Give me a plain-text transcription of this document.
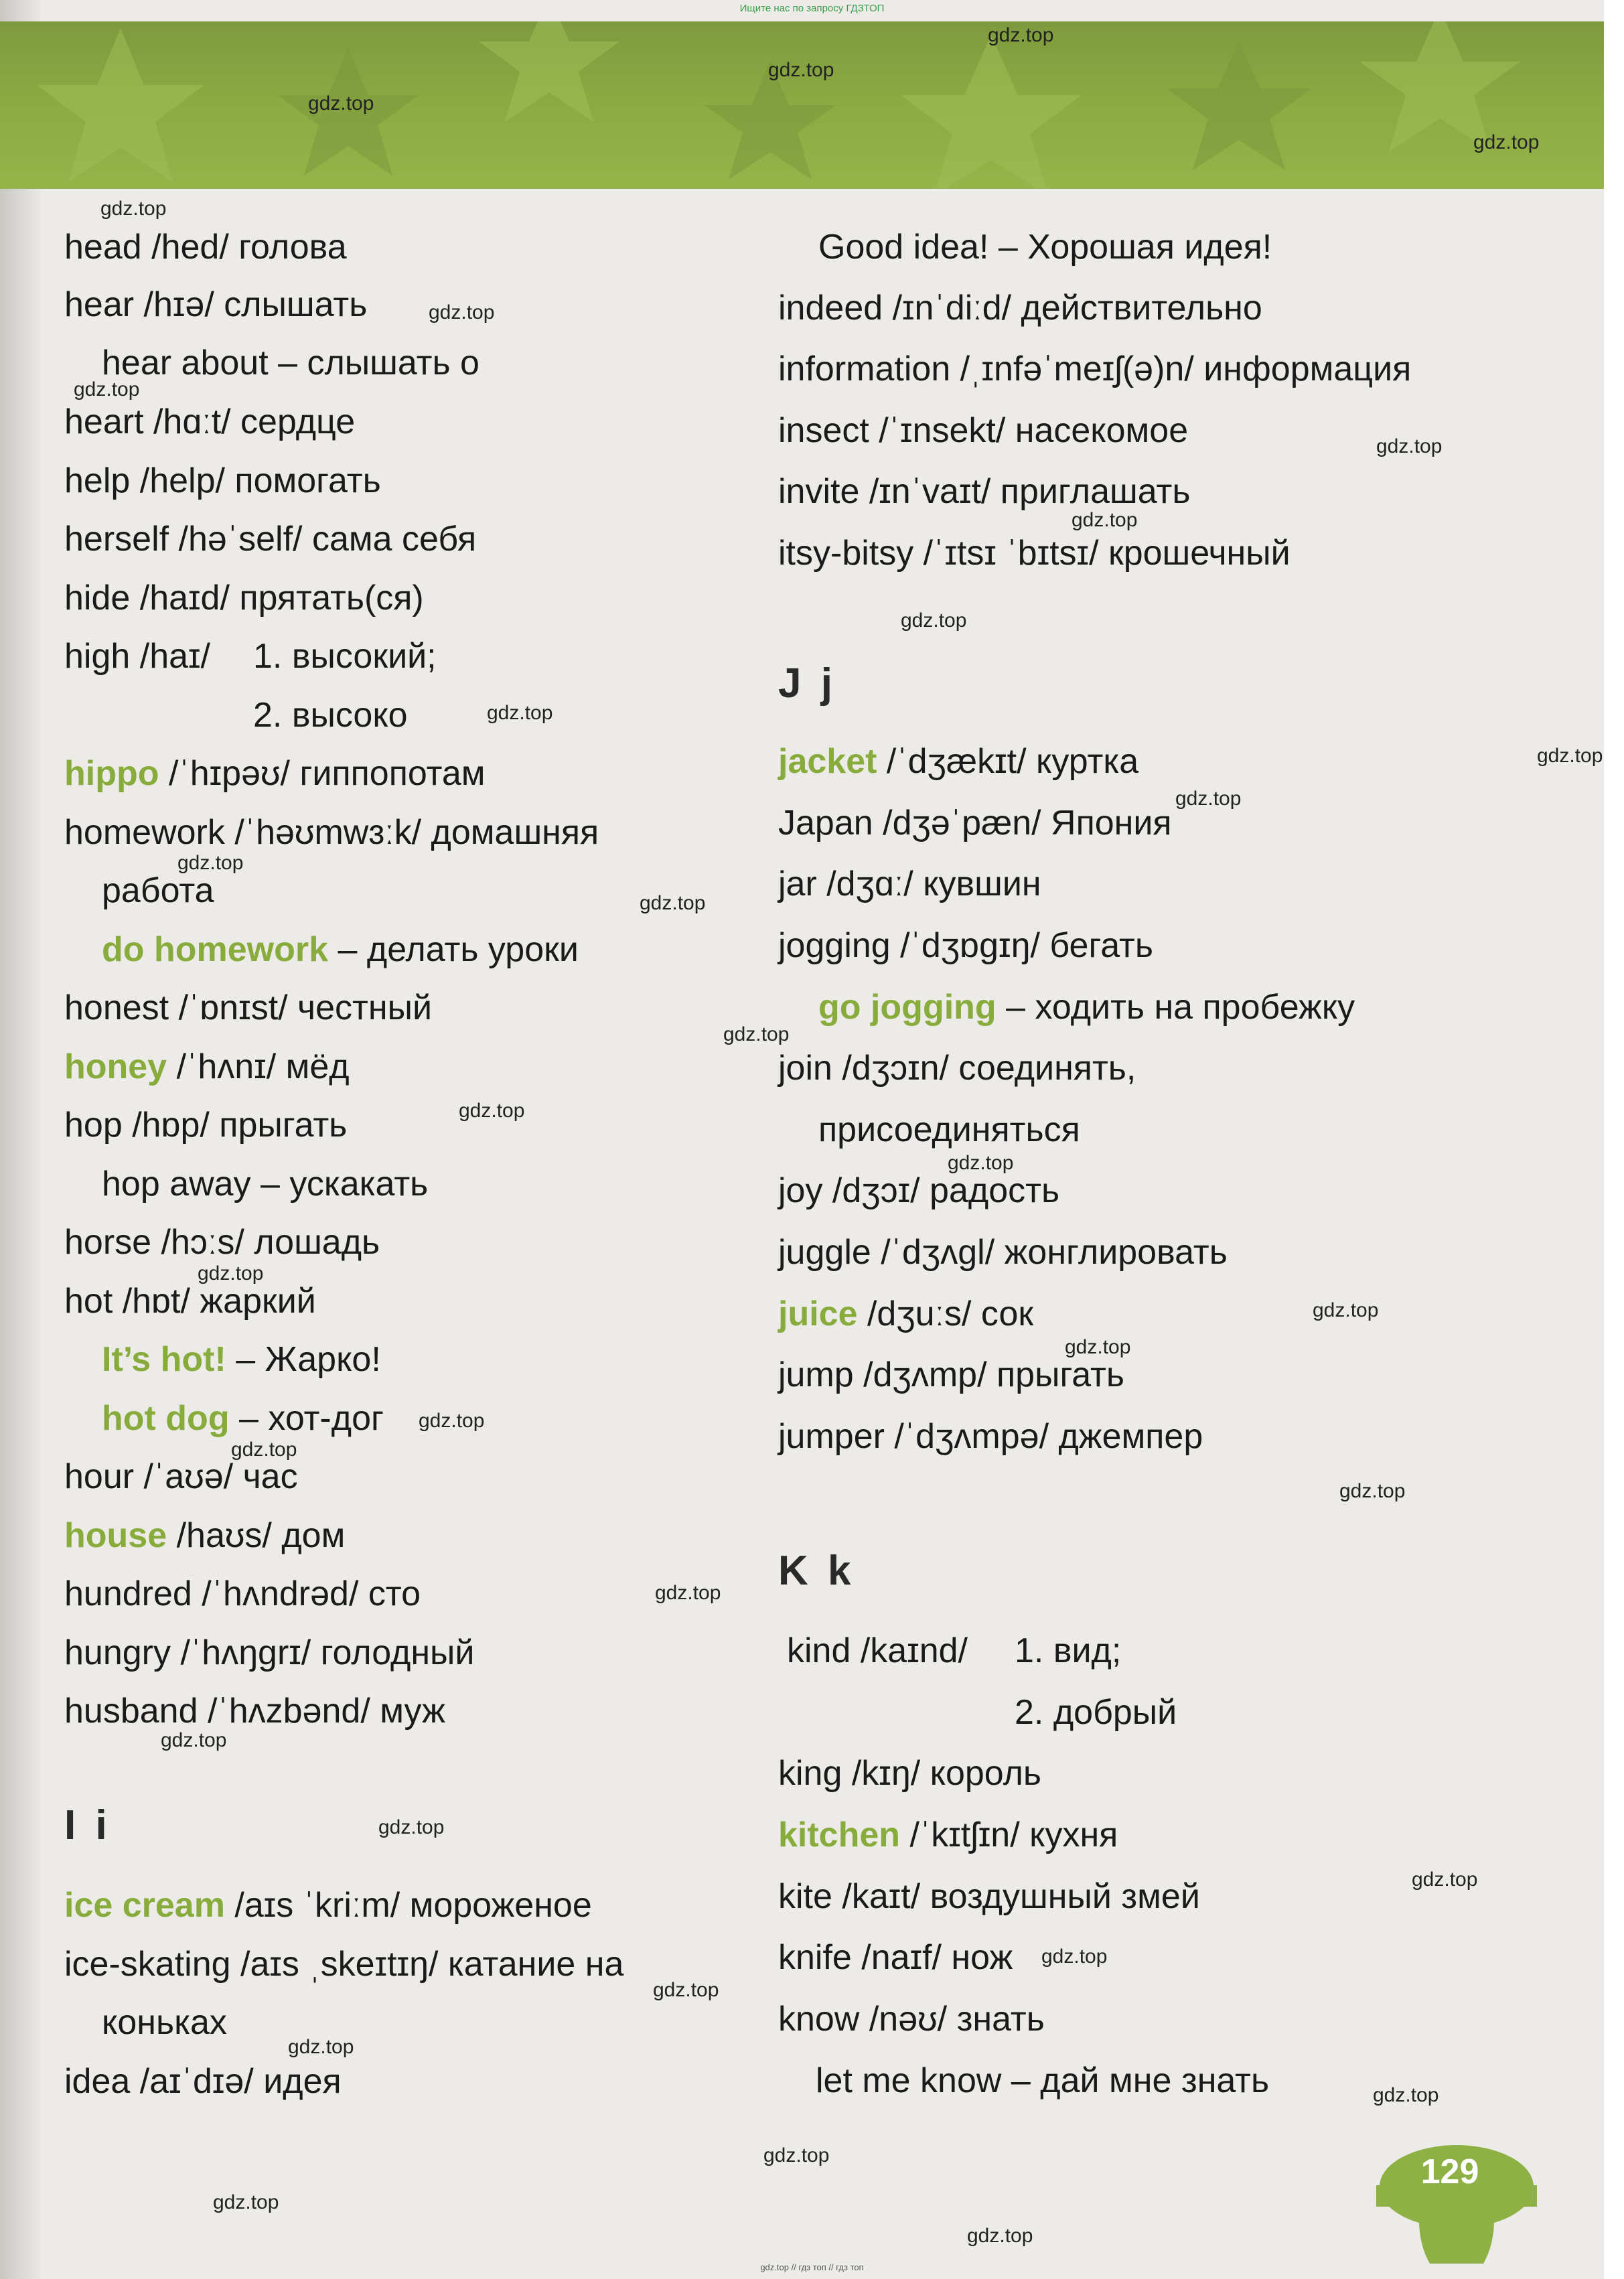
Ищите нас по запросу ГДЗТОП
head /hed/ голова
hear /hɪə/ слышать
hear about – слышать о
heart /hɑːt/ сердце
help /help/ помогать
herself /həˈself/ сама себя
hide /haɪd/ прятать(ся)
high /haɪ/ 1. высокий;
2. высоко
hippo /ˈhɪpəʊ/ гиппопотам
homework /ˈhəʊmwɜːk/ домашняя
работа
do homework – делать уроки
honest /ˈɒnɪst/ честный
honey /ˈhʌnɪ/ мёд
hop /hɒp/ прыгать
hop away – ускакать
horse /hɔːs/ лошадь
hot /hɒt/ жаркий
It’s hot! – Жарко!
hot dog – хот-дог
hour /ˈaʊə/ час
house /haʊs/ дом
hundred /ˈhʌndrəd/ сто
hungry /ˈhʌŋgrɪ/ голодный
husband /ˈhʌzbənd/ муж
I i
ice cream /aɪs ˈkriːm/ мороженое
ice-skating /aɪs ˌskeɪtɪŋ/ катание на
коньках
idea /aɪˈdɪə/ идея
Good idea! – Хорошая идея!
indeed /ɪnˈdiːd/ действительно
information /ˌɪnfəˈmeɪʃ(ə)n/ информация
insect /ˈɪnsekt/ насекомое
invite /ɪnˈvaɪt/ приглашать
itsy-bitsy /ˈɪtsɪ ˈbɪtsɪ/ крошечный
J j
jacket /ˈdʒækɪt/ куртка
Japan /dʒəˈpæn/ Япония
jar /dʒɑː/ кувшин
jogging /ˈdʒɒgɪŋ/ бегать
go jogging – ходить на пробежку
join /dʒɔɪn/ соединять,
присоединяться
joy /dʒɔɪ/ радость
juggle /ˈdʒʌgl/ жонглировать
juice /dʒuːs/ сок
jump /dʒʌmp/ прыгать
jumper /ˈdʒʌmpə/ джемпер
K k
kind /kaɪnd/ 1. вид;
2. добрый
king /kɪŋ/ король
kitchen /ˈkɪtʃɪn/ кухня
kite /kaɪt/ воздушный змей
knife /naɪf/ нож
know /nəʊ/ знать
let me know – дай мне знать
129
gdz.top
gdz.top
gdz.top
gdz.top
gdz.top
gdz.top
gdz.top
gdz.top
gdz.top
gdz.top
gdz.top
gdz.top
gdz.top
gdz.top
gdz.top
gdz.top
gdz.top
gdz.top
gdz.top
gdz.top
gdz.top
gdz.top
gdz.top
gdz.top
gdz.top
gdz.top
gdz.top
gdz.top
gdz.top
gdz.top
gdz.top
gdz.top
gdz.top
gdz.top
gdz.top
gdz.top // гдз топ // гдз топ
